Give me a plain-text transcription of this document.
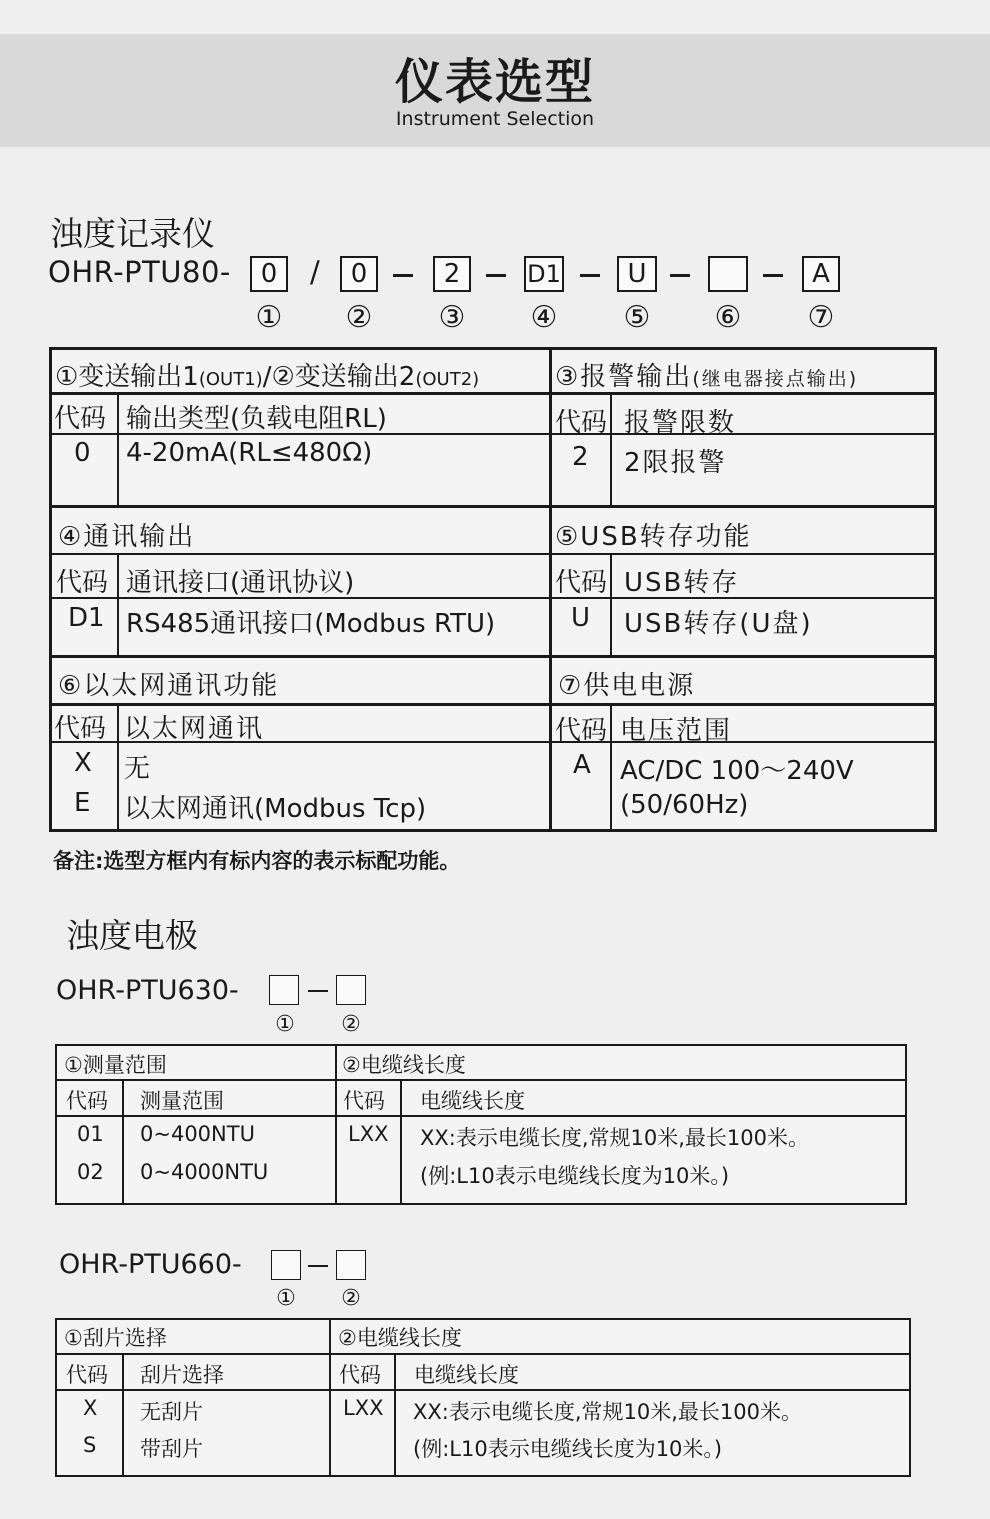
仪表选型
Instrument Selection
浊度记录仪
OHR-PTU80-	/
0	0	2	D1	U	A
① ② ③ ④ ⑤ ⑥ ⑦
①变送输出1(OUT1)/②变送输出2(OUT2)	③报警输出(继电器接点输出)
代码 输出类型(负载电阻RL)
0 4-20mA(RL≤480Ω)
代码 报警限数
2 2限报警
④通讯输出	⑤USB转存功能
代码 通讯接口(通讯协议)
D1 RS485通讯接口(Modbus RTU)
代码 USB转存
U USB转存(U盘)
⑥以太网通讯功能	⑦供电电源
代码 以太网通讯
X 无
E 以太网通讯(Modbus Tcp)
代码 电压范围
A AC/DC 100～240V
(50/60Hz)
备注:选型方框内有标内容的表示标配功能。
浊度电极
OHR-PTU630-
① ②
①测量范围	②电缆线长度
代码 测量范围	代码 电缆线长度
01 0~400NTU
02 0~4000NTU
LXX XX:表示电缆长度,常规10米,最长100米。
(例:L10表示电缆线长度为10米。)
OHR-PTU660-
① ②
①刮片选择	②电缆线长度
代码 刮片选择	代码 电缆线长度
X 无刮片
S 带刮片
LXX XX:表示电缆长度,常规10米,最长100米。
(例:L10表示电缆线长度为10米。)
